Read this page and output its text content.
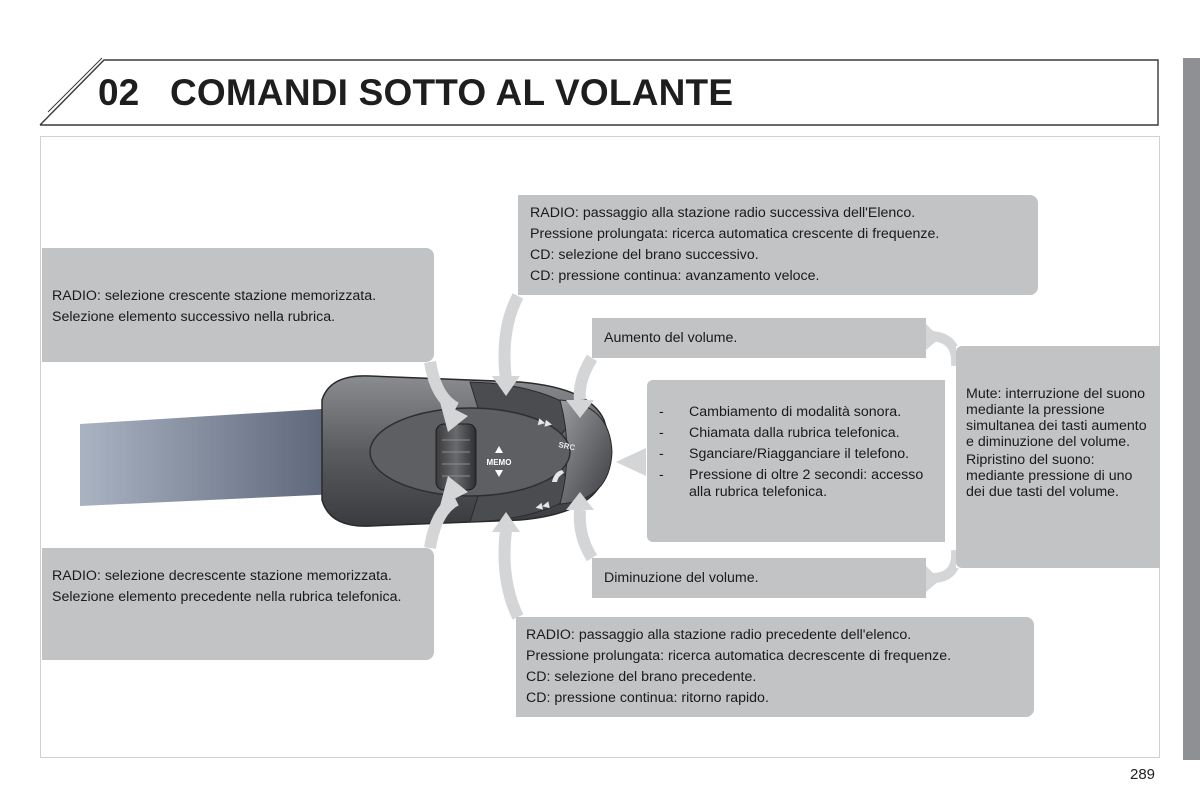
02 COMANDI SOTTO AL VOLANTE
MEMO
SRC
▶▶
◀◀

RADIO: selezione crescente stazione memorizzata.

Selezione elemento successivo nella rubrica.

RADIO: selezione decrescente stazione memorizzata.

Selezione elemento precedente nella rubrica telefonica.

RADIO: passaggio alla stazione radio successiva dell'Elenco.

Pressione prolungata: ricerca automatica crescente di frequenze.

CD: selezione del brano successivo.

CD: pressione continua: avanzamento veloce.

Aumento del volume.
- Cambiamento di modalità sonora.
- Chiamata dalla rubrica telefonica.
- Sganciare/Riagganciare il telefono.
- Pressione di oltre 2 secondi: accesso alla rubrica telefonica.
Diminuzione del volume.

Mute: interruzione del suono mediante la pressione simultanea dei tasti aumento e diminuzione del volume.

Ripristino del suono: mediante pressione di uno dei due tasti del volume.

RADIO: passaggio alla stazione radio precedente dell'elenco.

Pressione prolungata: ricerca automatica decrescente di frequenze.

CD: selezione del brano precedente.

CD: pressione continua: ritorno rapido.

289
